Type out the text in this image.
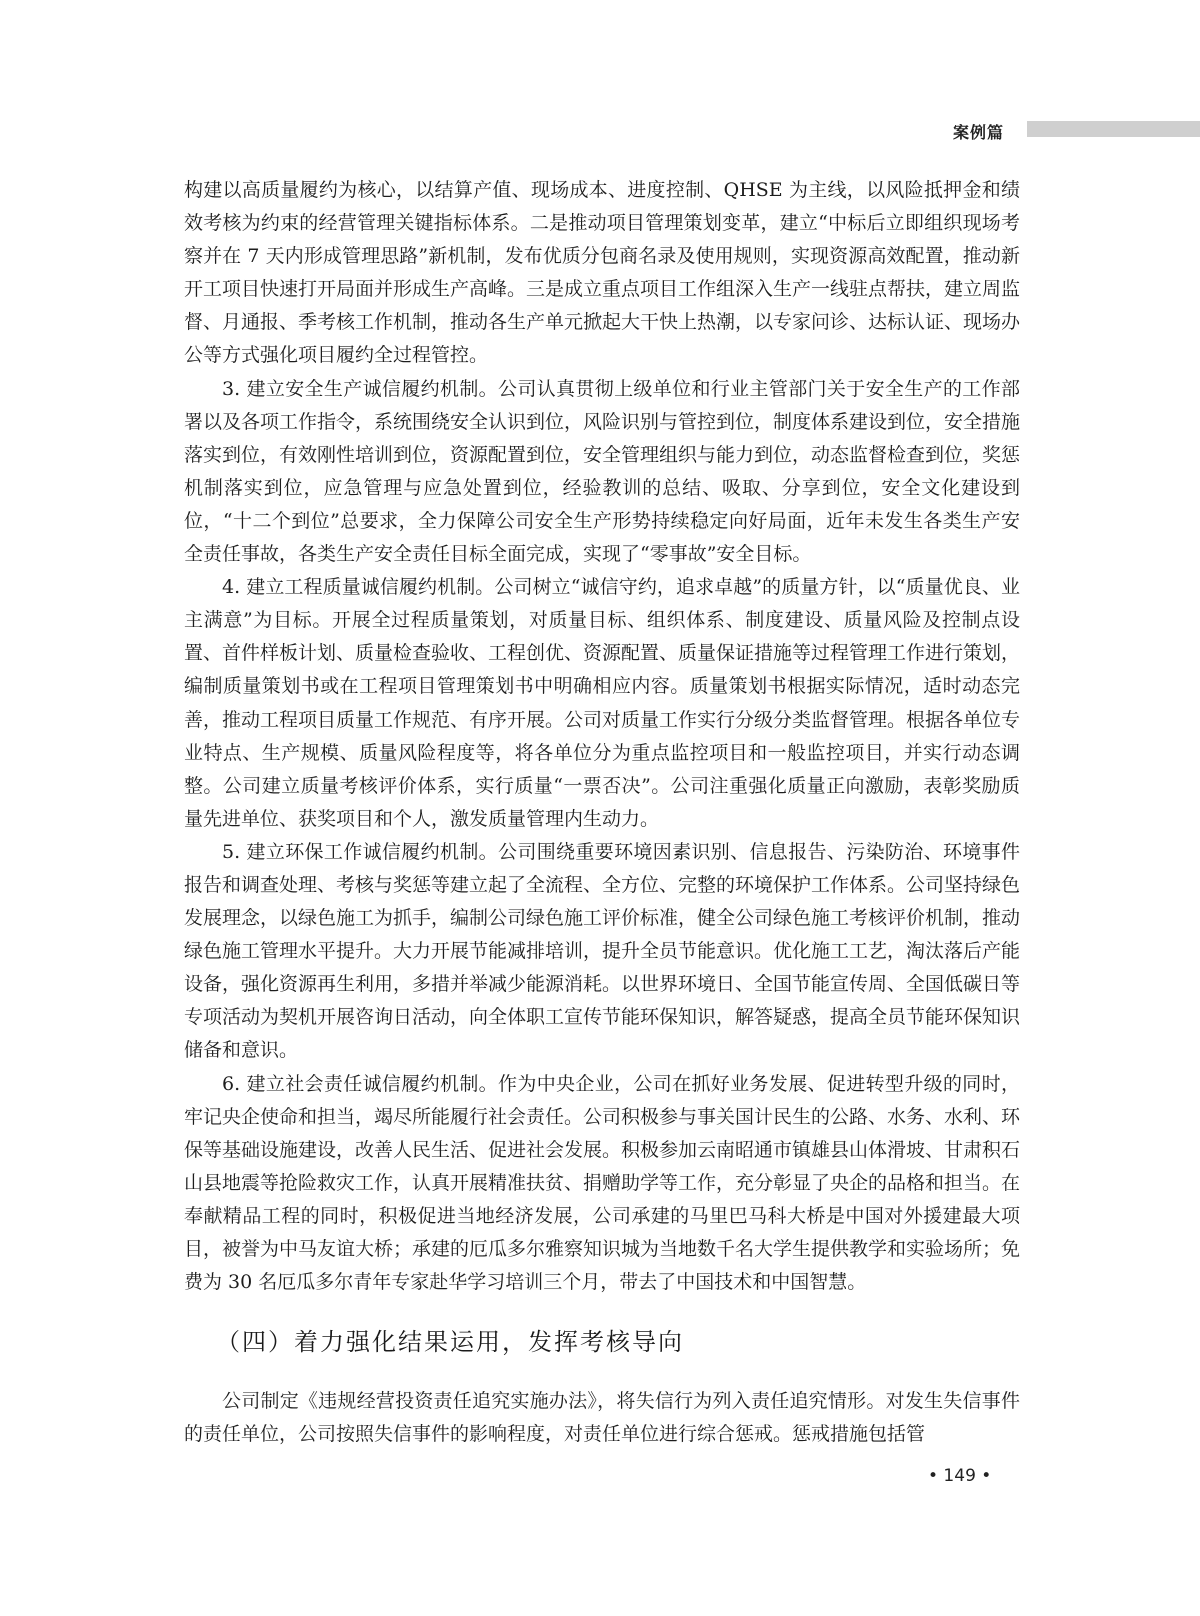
案例篇

构建以高质量履约为核心，以结算产值、现场成本、进度控制、QHSE 为主线，以风险抵押金和绩效考核为约束的经营管理关键指标体系。二是推动项目管理策划变革，建立“中标后立即组织现场考察并在 7 天内形成管理思路”新机制，发布优质分包商名录及使用规则，实现资源高效配置，推动新开工项目快速打开局面并形成生产高峰。三是成立重点项目工作组深入生产一线驻点帮扶，建立周监督、月通报、季考核工作机制，推动各生产单元掀起大干快上热潮，以专家问诊、达标认证、现场办公等方式强化项目履约全过程管控。

3. 建立安全生产诚信履约机制。公司认真贯彻上级单位和行业主管部门关于安全生产的工作部署以及各项工作指令，系统围绕安全认识到位，风险识别与管控到位，制度体系建设到位，安全措施落实到位，有效刚性培训到位，资源配置到位，安全管理组织与能力到位，动态监督检查到位，奖惩机制落实到位，应急管理与应急处置到位，经验教训的总结、吸取、分享到位，安全文化建设到位，“十二个到位”总要求，全力保障公司安全生产形势持续稳定向好局面，近年未发生各类生产安全责任事故，各类生产安全责任目标全面完成，实现了“零事故”安全目标。

4. 建立工程质量诚信履约机制。公司树立“诚信守约，追求卓越”的质量方针，以“质量优良、业主满意”为目标。开展全过程质量策划，对质量目标、组织体系、制度建设、质量风险及控制点设置、首件样板计划、质量检查验收、工程创优、资源配置、质量保证措施等过程管理工作进行策划，编制质量策划书或在工程项目管理策划书中明确相应内容。质量策划书根据实际情况，适时动态完善，推动工程项目质量工作规范、有序开展。公司对质量工作实行分级分类监督管理。根据各单位专业特点、生产规模、质量风险程度等，将各单位分为重点监控项目和一般监控项目，并实行动态调整。公司建立质量考核评价体系，实行质量“一票否决”。公司注重强化质量正向激励，表彰奖励质量先进单位、获奖项目和个人，激发质量管理内生动力。

5. 建立环保工作诚信履约机制。公司围绕重要环境因素识别、信息报告、污染防治、环境事件报告和调查处理、考核与奖惩等建立起了全流程、全方位、完整的环境保护工作体系。公司坚持绿色发展理念，以绿色施工为抓手，编制公司绿色施工评价标准，健全公司绿色施工考核评价机制，推动绿色施工管理水平提升。大力开展节能减排培训，提升全员节能意识。优化施工工艺，淘汰落后产能设备，强化资源再生利用，多措并举减少能源消耗。以世界环境日、全国节能宣传周、全国低碳日等专项活动为契机开展咨询日活动，向全体职工宣传节能环保知识，解答疑惑，提高全员节能环保知识储备和意识。

6. 建立社会责任诚信履约机制。作为中央企业，公司在抓好业务发展、促进转型升级的同时，牢记央企使命和担当，竭尽所能履行社会责任。公司积极参与事关国计民生的公路、水务、水利、环保等基础设施建设，改善人民生活、促进社会发展。积极参加云南昭通市镇雄县山体滑坡、甘肃积石山县地震等抢险救灾工作，认真开展精准扶贫、捐赠助学等工作，充分彰显了央企的品格和担当。在奉献精品工程的同时，积极促进当地经济发展，公司承建的马里巴马科大桥是中国对外援建最大项目，被誉为中马友谊大桥；承建的厄瓜多尔雅察知识城为当地数千名大学生提供教学和实验场所；免费为 30 名厄瓜多尔青年专家赴华学习培训三个月，带去了中国技术和中国智慧。

（四）着力强化结果运用，发挥考核导向

公司制定《违规经营投资责任追究实施办法》，将失信行为列入责任追究情形。对发生失信事件的责任单位，公司按照失信事件的影响程度，对责任单位进行综合惩戒。惩戒措施包括管

• 149 •
